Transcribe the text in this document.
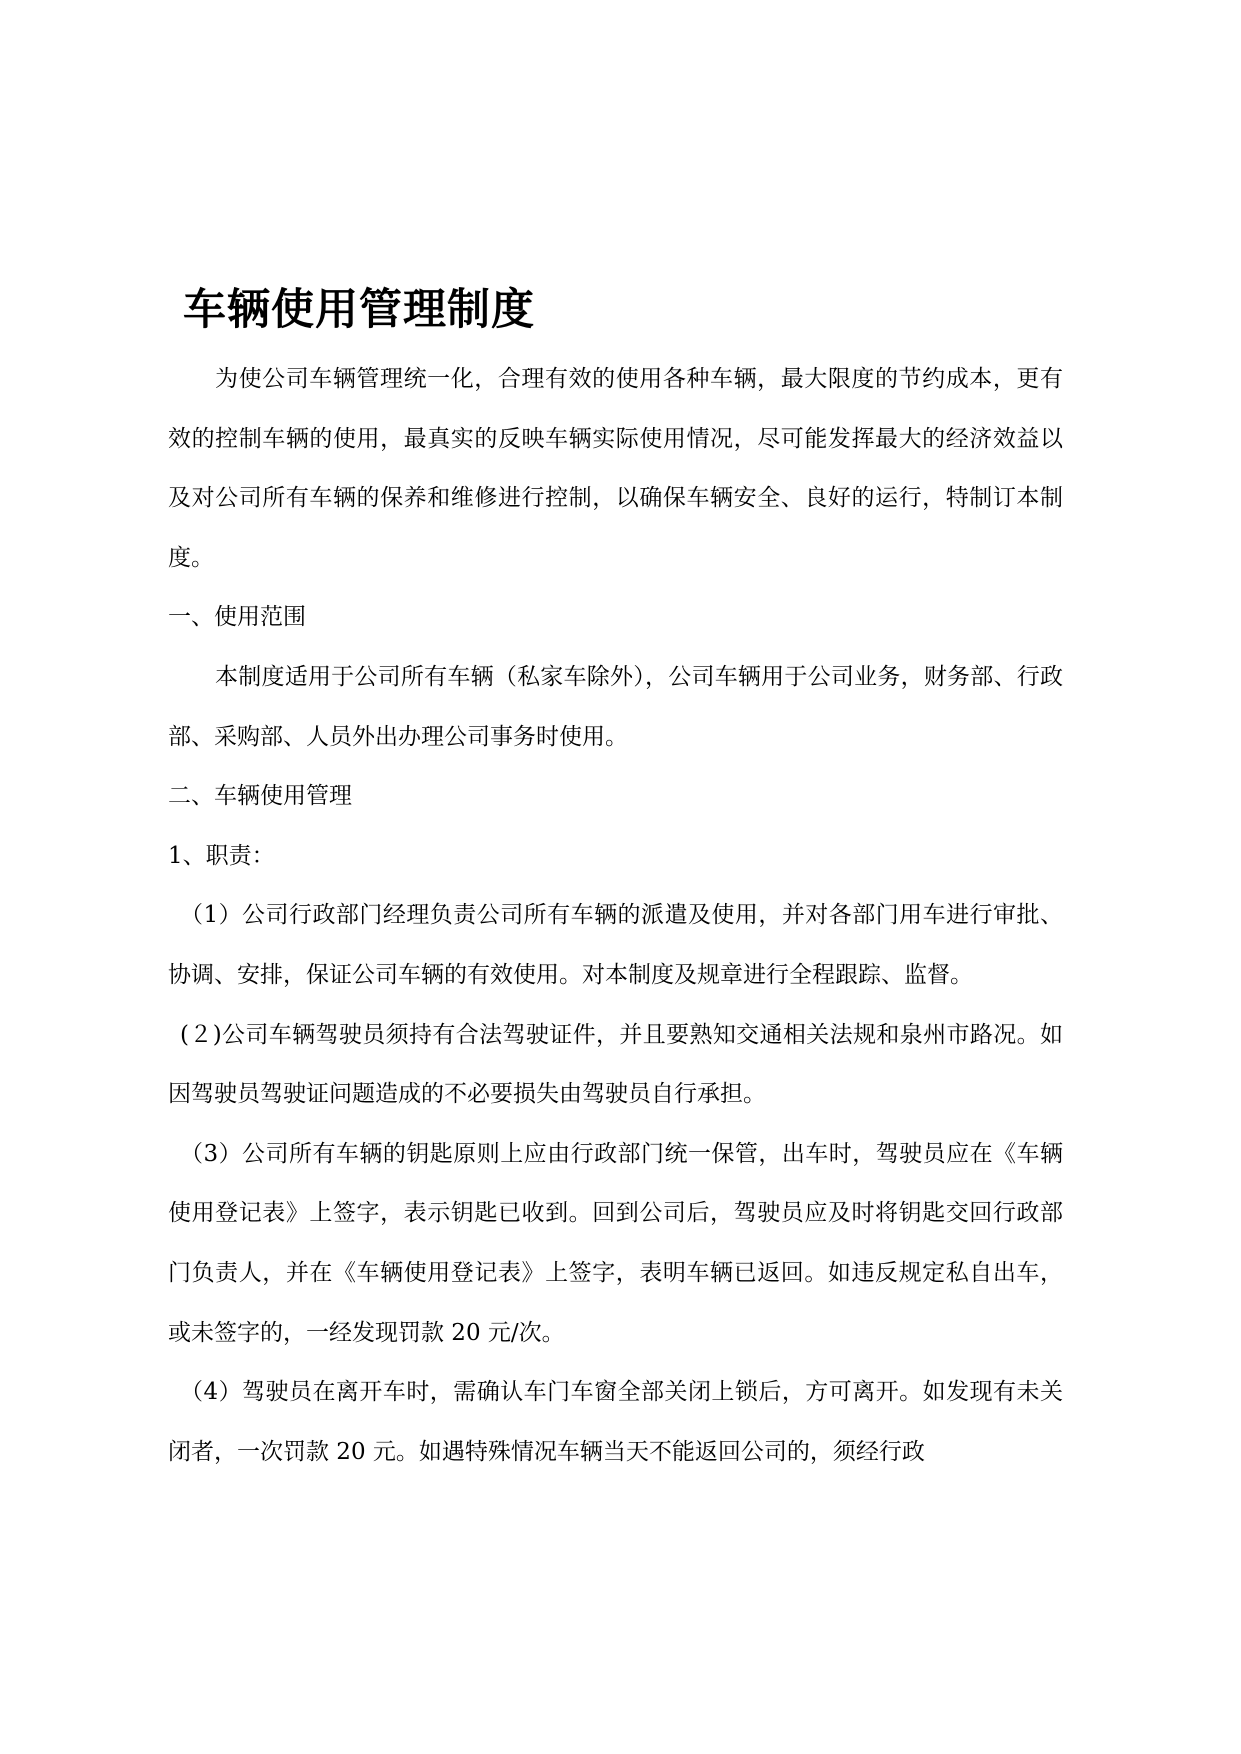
车辆使用管理制度

为使公司车辆管理统一化，合理有效的使用各种车辆，最大限度的节约成本，更有效的控制车辆的使用，最真实的反映车辆实际使用情况，尽可能发挥最大的经济效益以及对公司所有车辆的保养和维修进行控制，以确保车辆安全、良好的运行，特制订本制度。

一、使用范围

本制度适用于公司所有车辆（私家车除外），公司车辆用于公司业务，财务部、行政部、采购部、人员外出办理公司事务时使用。

二、车辆使用管理

1、职责：

（1）公司行政部门经理负责公司所有车辆的派遣及使用，并对各部门用车进行审批、协调、安排，保证公司车辆的有效使用。对本制度及规章进行全程跟踪、监督。

(２)公司车辆驾驶员须持有合法驾驶证件，并且要熟知交通相关法规和泉州市路况。如因驾驶员驾驶证问题造成的不必要损失由驾驶员自行承担。

（3）公司所有车辆的钥匙原则上应由行政部门统一保管，出车时，驾驶员应在《车辆使用登记表》上签字，表示钥匙已收到。回到公司后，驾驶员应及时将钥匙交回行政部门负责人，并在《车辆使用登记表》上签字，表明车辆已返回。如违反规定私自出车，或未签字的，一经发现罚款 20 元/次。

（4）驾驶员在离开车时，需确认车门车窗全部关闭上锁后，方可离开。如发现有未关闭者，一次罚款 20 元。如遇特殊情况车辆当天不能返回公司的，须经行政
